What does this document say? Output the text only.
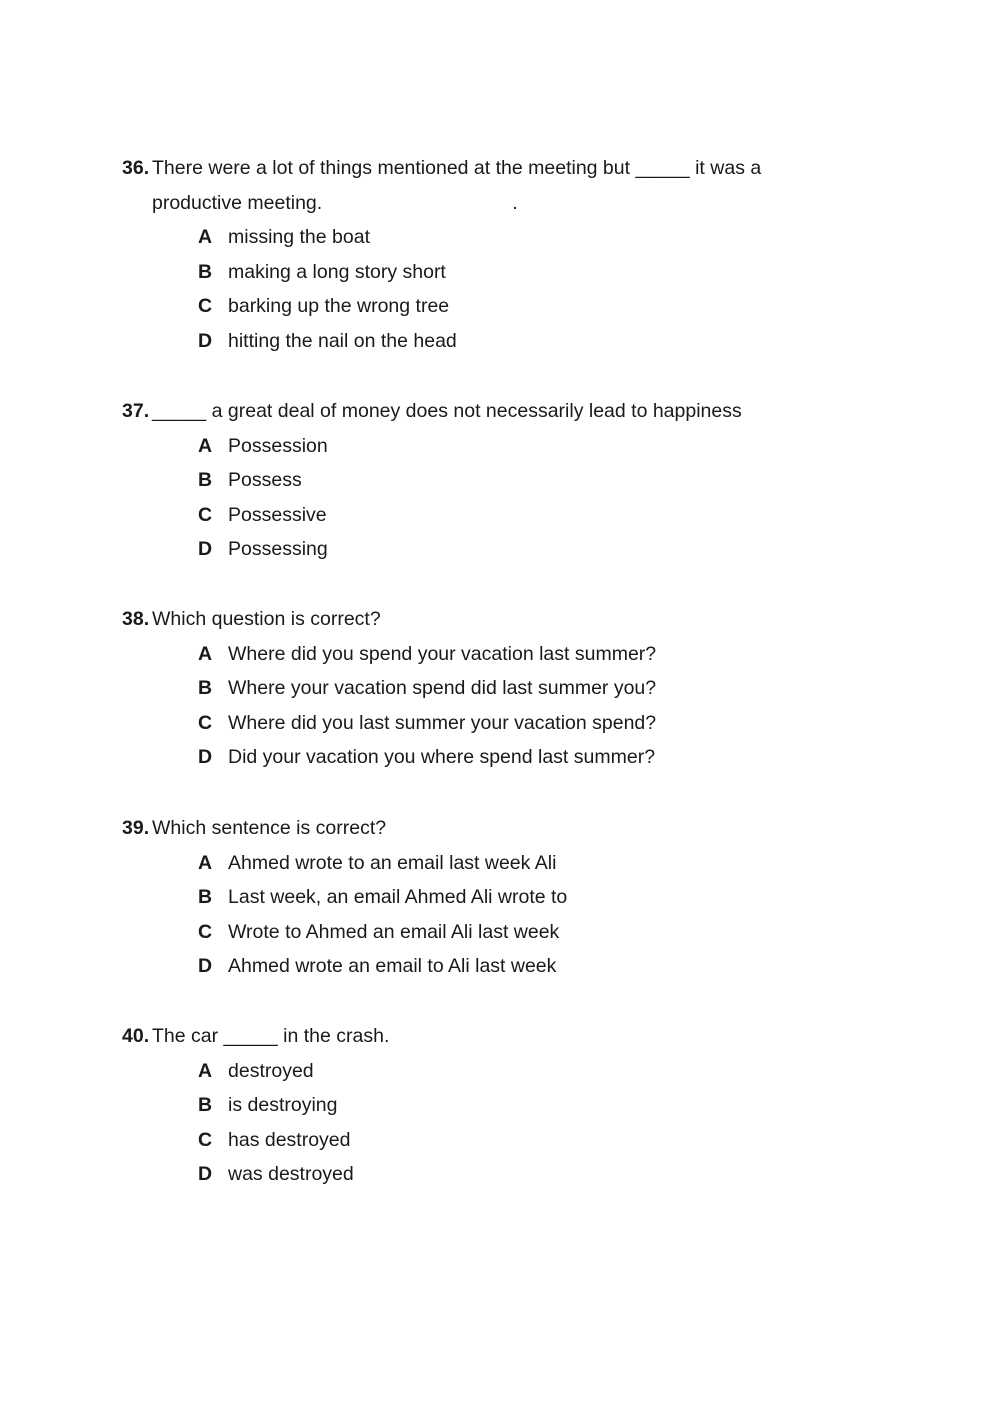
36. There were a lot of things mentioned at the meeting but _____ it was a
productive meeting.	.
A missing the boat
B making a long story short
C barking up the wrong tree
D hitting the nail on the head
37. _____ a great deal of money does not necessarily lead to happiness
A Possession
B Possess
C Possessive
D Possessing
38. Which question is correct?
A Where did you spend your vacation last summer?
B Where your vacation spend did last summer you?
C Where did you last summer your vacation spend?
D Did your vacation you where spend last summer?
39. Which sentence is correct?
A Ahmed wrote to an email last week Ali
B Last week, an email Ahmed Ali wrote to
C Wrote to Ahmed an email Ali last week
D Ahmed wrote an email to Ali last week
40. The car _____ in the crash.
A destroyed
B is destroying
C has destroyed
D was destroyed
